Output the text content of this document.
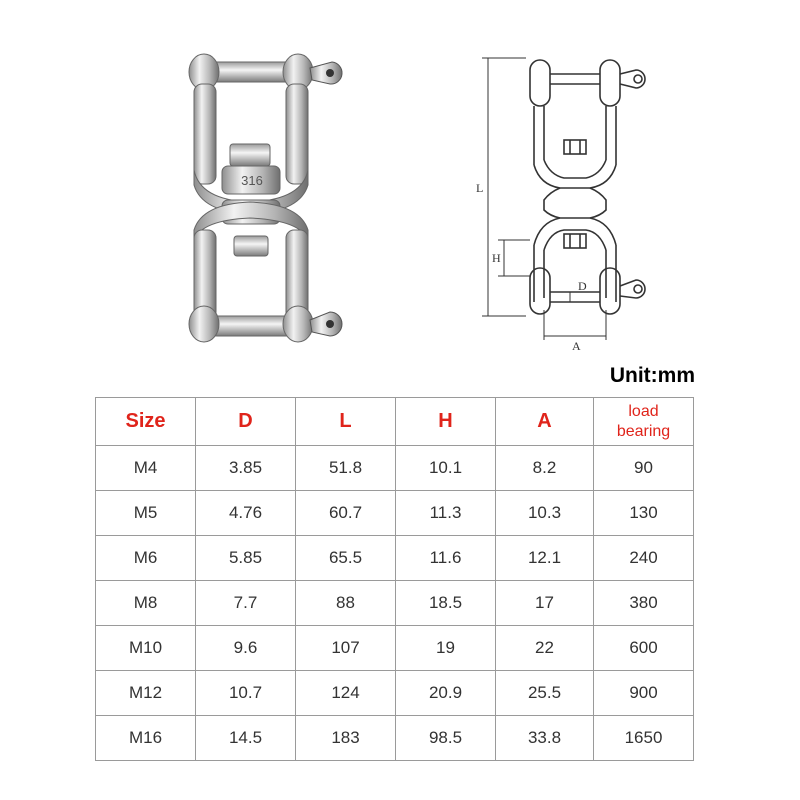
316	L
H
D
A
Unit:mm
Size	D	L	H	A	load
bearing

M4	3.85	51.8	10.1	8.2	90
M5	4.76	60.7	11.3	10.3	130
M6	5.85	65.5	11.6	12.1	240
M8	7.7	88	18.5	17	380
M10	9.6	107	19	22	600
M12	10.7	124	20.9	25.5	900
M16	14.5	183	98.5	33.8	1650
